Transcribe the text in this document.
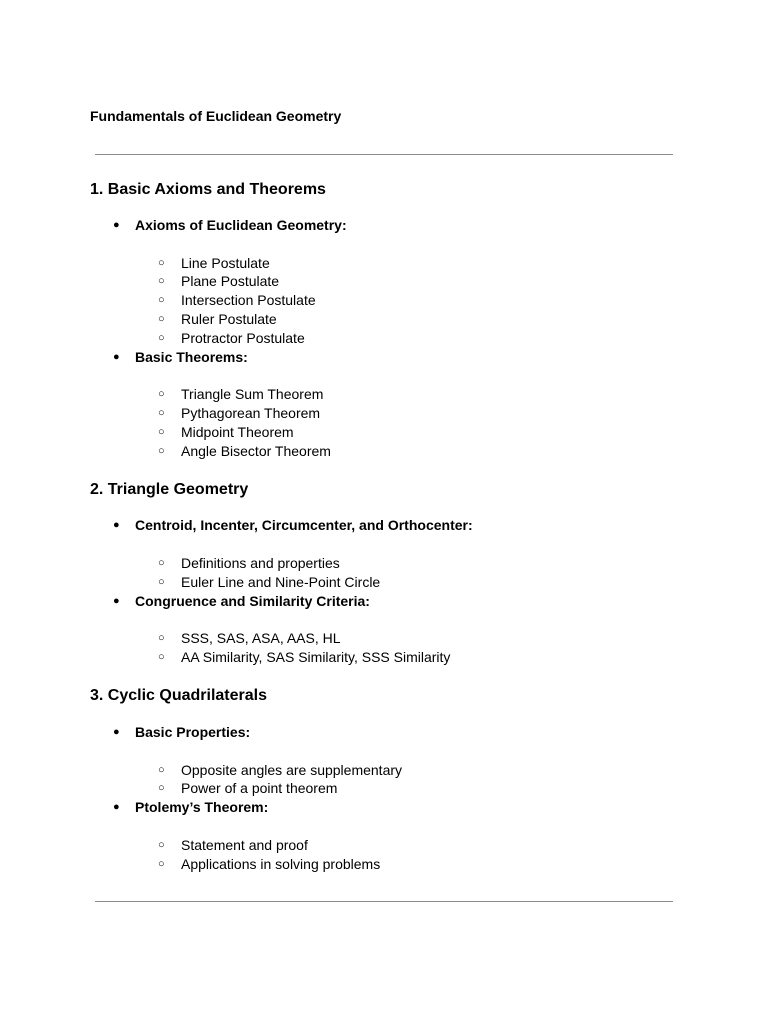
Fundamentals of Euclidean Geometry
1. Basic Axioms and Theorems
● Axioms of Euclidean Geometry:
○ Line Postulate
○ Plane Postulate
○ Intersection Postulate
○ Ruler Postulate
○ Protractor Postulate
● Basic Theorems:
○ Triangle Sum Theorem
○ Pythagorean Theorem
○ Midpoint Theorem
○ Angle Bisector Theorem
2. Triangle Geometry
● Centroid, Incenter, Circumcenter, and Orthocenter:
○ Definitions and properties
○ Euler Line and Nine-Point Circle
● Congruence and Similarity Criteria:
○ SSS, SAS, ASA, AAS, HL
○ AA Similarity, SAS Similarity, SSS Similarity
3. Cyclic Quadrilaterals
● Basic Properties:
○ Opposite angles are supplementary
○ Power of a point theorem
● Ptolemy’s Theorem:
○ Statement and proof
○ Applications in solving problems
